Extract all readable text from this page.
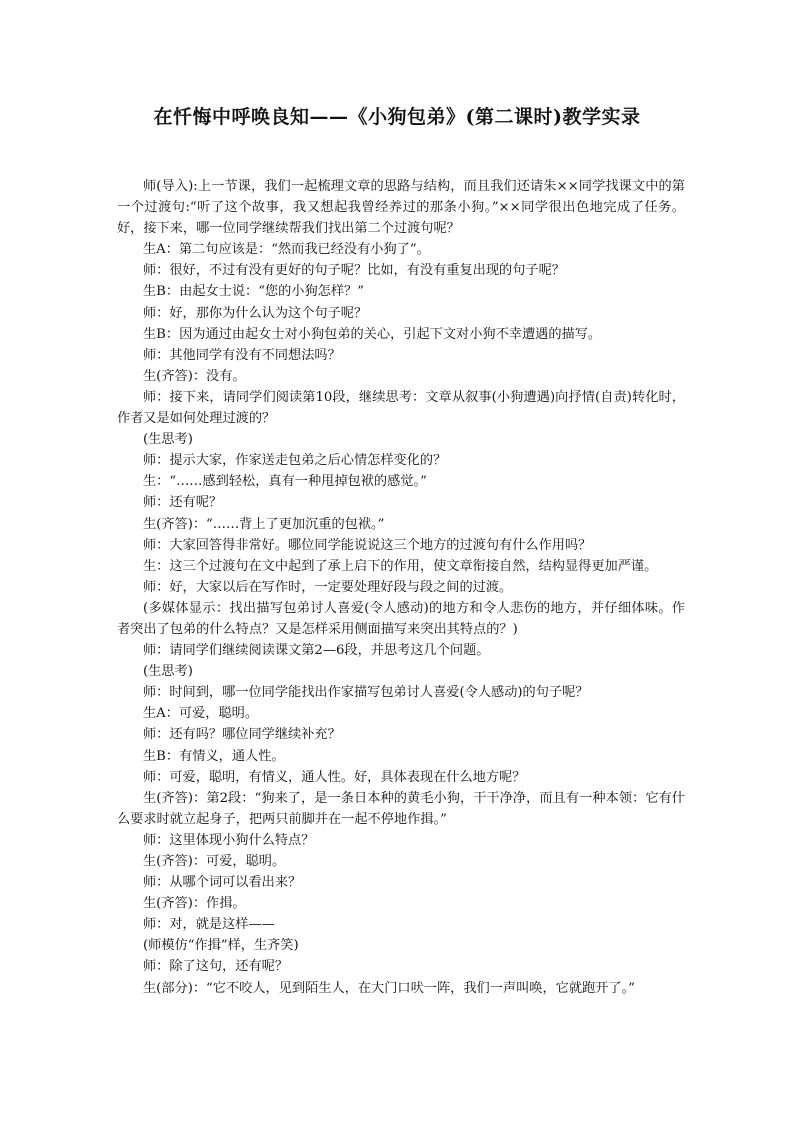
在忏悔中呼唤良知——《小狗包弟》(第二课时)教学实录

师(导入):上一节课，我们一起梳理文章的思路与结构，而且我们还请朱××同学找课文中的第一个过渡句:“听了这个故事，我又想起我曾经养过的那条小狗。”××同学很出色地完成了任务。好，接下来，哪一位同学继续帮我们找出第二个过渡句呢？

生A：第二句应该是：“然而我已经没有小狗了”。

师：很好，不过有没有更好的句子呢？比如，有没有重复出现的句子呢？

生B：由起女士说：“您的小狗怎样？”

师：好，那你为什么认为这个句子呢？

生B：因为通过由起女士对小狗包弟的关心，引起下文对小狗不幸遭遇的描写。

师：其他同学有没有不同想法吗？

生(齐答)：没有。

师：接下来，请同学们阅读第10段，继续思考：文章从叙事(小狗遭遇)向抒情(自责)转化时，作者又是如何处理过渡的？

(生思考)

师：提示大家，作家送走包弟之后心情怎样变化的？

生：“……感到轻松，真有一种甩掉包袱的感觉。”

师：还有呢？

生(齐答)：“……背上了更加沉重的包袱。”

师：大家回答得非常好。哪位同学能说说这三个地方的过渡句有什么作用吗？

生：这三个过渡句在文中起到了承上启下的作用，使文章衔接自然，结构显得更加严谨。

师：好，大家以后在写作时，一定要处理好段与段之间的过渡。

(多媒体显示：找出描写包弟讨人喜爱(令人感动)的地方和令人悲伤的地方，并仔细体味。作者突出了包弟的什么特点？又是怎样采用侧面描写来突出其特点的？)

师：请同学们继续阅读课文第2—6段，并思考这几个问题。

(生思考)

师：时间到，哪一位同学能找出作家描写包弟讨人喜爱(令人感动)的句子呢？

生A：可爱，聪明。

师：还有吗？哪位同学继续补充？

生B：有情义，通人性。

师：可爱，聪明，有情义，通人性。好，具体表现在什么地方呢？

生(齐答)：第2段：“狗来了，是一条日本种的黄毛小狗，干干净净，而且有一种本领：它有什么要求时就立起身子，把两只前脚并在一起不停地作揖。”

师：这里体现小狗什么特点？

生(齐答)：可爱，聪明。

师：从哪个词可以看出来？

生(齐答)：作揖。

师：对，就是这样——

(师模仿“作揖”样，生齐笑)

师：除了这句，还有呢？

生(部分)：“它不咬人，见到陌生人，在大门口吠一阵，我们一声叫唤，它就跑开了。”
